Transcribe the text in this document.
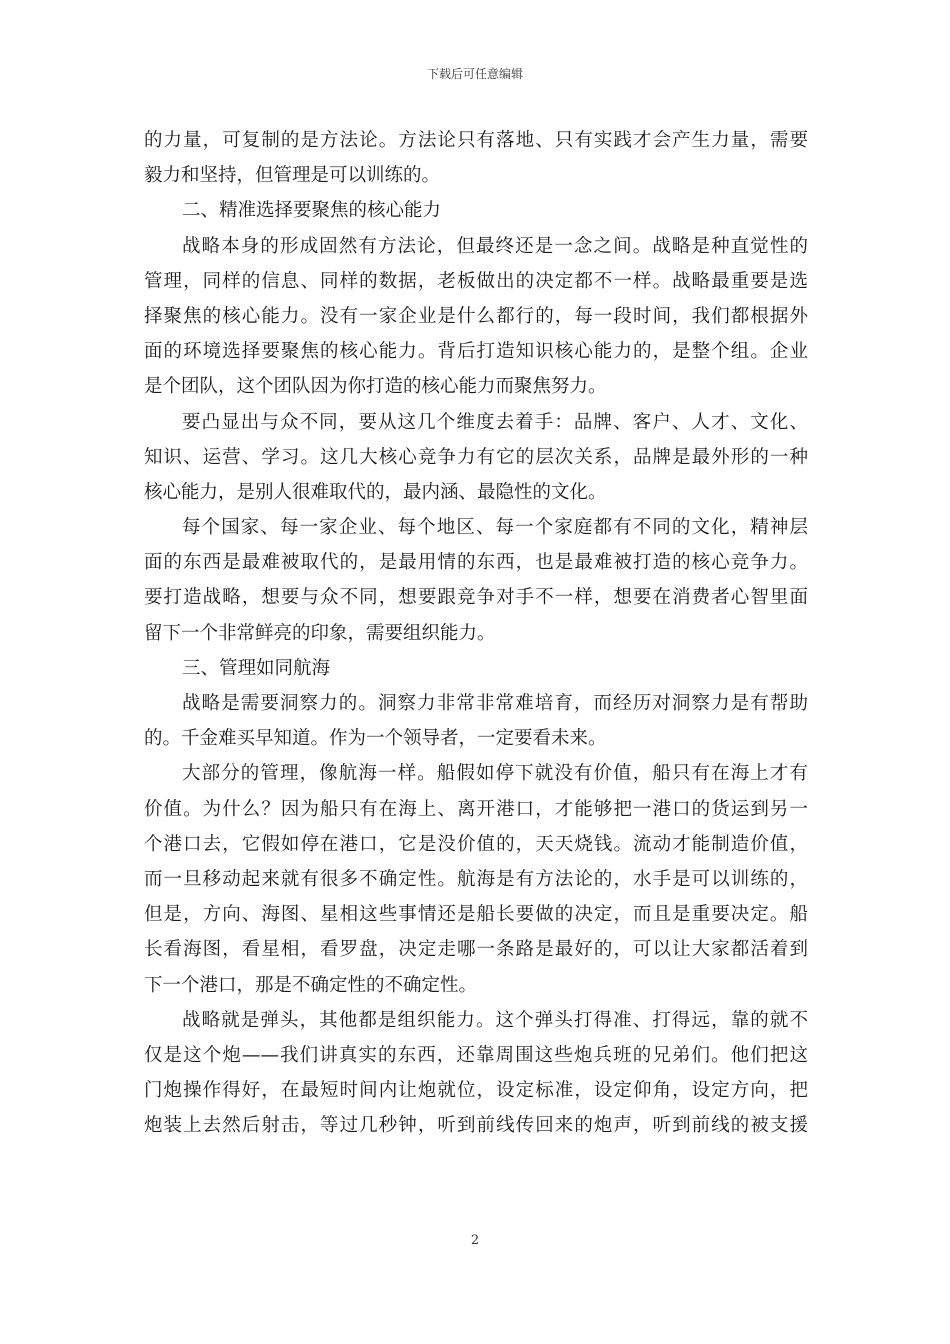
下载后可任意编辑
的力量，可复制的是方法论。方法论只有落地、只有实践才会产生力量，需要
毅力和坚持，但管理是可以训练的。
二、精准选择要聚焦的核心能力
战略本身的形成固然有方法论，但最终还是一念之间。战略是种直觉性的
管理，同样的信息、同样的数据，老板做出的决定都不一样。战略最重要是选
择聚焦的核心能力。没有一家企业是什么都行的，每一段时间，我们都根据外
面的环境选择要聚焦的核心能力。背后打造知识核心能力的，是整个组。企业
是个团队，这个团队因为你打造的核心能力而聚焦努力。
要凸显出与众不同，要从这几个维度去着手：品牌、客户、人才、文化、
知识、运营、学习。这几大核心竞争力有它的层次关系，品牌是最外形的一种
核心能力，是别人很难取代的，最内涵、最隐性的文化。
每个国家、每一家企业、每个地区、每一个家庭都有不同的文化，精神层
面的东西是最难被取代的，是最用情的东西，也是最难被打造的核心竞争力。
要打造战略，想要与众不同，想要跟竞争对手不一样，想要在消费者心智里面
留下一个非常鲜亮的印象，需要组织能力。
三、管理如同航海
战略是需要洞察力的。洞察力非常非常难培育，而经历对洞察力是有帮助
的。千金难买早知道。作为一个领导者，一定要看未来。
大部分的管理，像航海一样。船假如停下就没有价值，船只有在海上才有
价值。为什么？因为船只有在海上、离开港口，才能够把一港口的货运到另一
个港口去，它假如停在港口，它是没价值的，天天烧钱。流动才能制造价值，
而一旦移动起来就有很多不确定性。航海是有方法论的，水手是可以训练的，
但是，方向、海图、星相这些事情还是船长要做的决定，而且是重要决定。船
长看海图，看星相，看罗盘，决定走哪一条路是最好的，可以让大家都活着到
下一个港口，那是不确定性的不确定性。
战略就是弹头，其他都是组织能力。这个弹头打得准、打得远，靠的就不
仅是这个炮——我们讲真实的东西，还靠周围这些炮兵班的兄弟们。他们把这
门炮操作得好，在最短时间内让炮就位，设定标准，设定仰角，设定方向，把
炮装上去然后射击，等过几秒钟，听到前线传回来的炮声，听到前线的被支援
2
